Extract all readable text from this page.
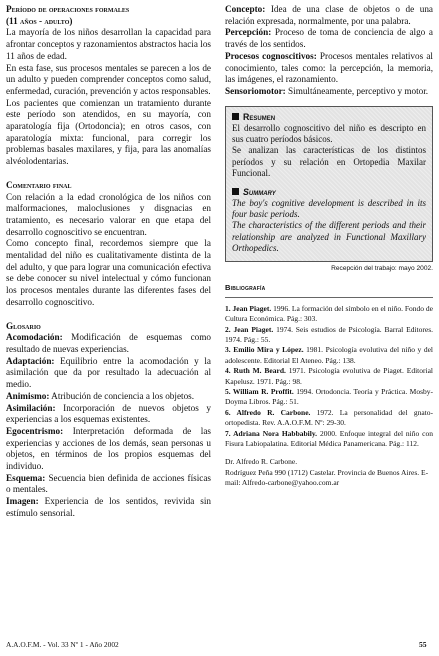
Período de operaciones formales
(11 años - adulto)

La mayoría de los niños desarrollan la capacidad para afrontar conceptos y razonamientos abstractos hacia los 11 años de edad.

En esta fase, sus procesos mentales se parecen a los de un adulto y pueden comprender conceptos como salud, enfermedad, curación, prevención y actos responsables.

Los pacientes que comienzan un tratamiento durante este período son atendidos, en su mayoría, con aparatología fija (Ortodoncia); en otros casos, con aparatología mixta: funcional, para corregir los problemas basales maxilares, y fija, para las anomalías alvéolodentarias.

Comentario final

Con relación a la edad cronológica de los niños con malformaciones, maloclusiones y disgnacias en tratamiento, es necesario valorar en que etapa del desarrollo cognoscitivo se encuentran.

Como concepto final, recordemos siempre que la mentalidad del niño es cualitativamente distinta de la del adulto, y que para lograr una comunicación efectiva se debe conocer su nivel intelectual y cómo funcionan los procesos mentales durante las diferentes fases del desarrollo cognoscitivo.

Glosario

Acomodación: Modificación de esquemas como resultado de nuevas experiencias.

Adaptación: Equilibrio entre la acomodación y la asimilación que da por resultado la adecuación al medio.

Animismo: Atribución de conciencia a los objetos.

Asimilación: Incorporación de nuevos objetos y experiencias a los esquemas existentes.

Egocentrismo: Interpretación deformada de las experiencias y acciones de los demás, sean personas u objetos, en términos de los propios esquemas del individuo.

Esquema: Secuencia bien definida de acciones físicas o mentales.

Imagen: Experiencia de los sentidos, revivida sin estímulo sensorial.

Concepto: Idea de una clase de objetos o de una relación expresada, normalmente, por una palabra.

Percepción: Proceso de toma de conciencia de algo a través de los sentidos.

Procesos cognoscitivos: Procesos mentales relativos al conocimiento, tales como: la percepción, la memoria, las imágenes, el razonamiento.

Sensoriomotor: Simultáneamente, perceptivo y motor.

Resumen

El desarrollo cognoscitivo del niño es descripto en sus cuatro períodos básicos.

Se analizan las características de los distintos períodos y su relación en Ortopedia Maxilar Funcional.

Summary

The boy's cognitive development is described in its four basic periods.

The characteristics of the different periods and their relationship are analyzed in Functional Maxillary Orthopedics.

Recepción del trabajo: mayo 2002.
Bibliografía

1. Jean Piaget. 1996. La formación del símbolo en el niño. Fondo de Cultura Económica. Pág.: 303.

2. Jean Piaget. 1974. Seis estudios de Psicología. Barral Editores. 1974. Pág.: 55.

3. Emilio Mira y López. 1981. Psicología evolutiva del niño y del adolescente. Editorial El Ateneo. Pág.: 138.

4. Ruth M. Beard. 1971. Psicología evolutiva de Piaget. Editorial Kapelusz. 1971. Pág.: 98.

5. William R. Proffit. 1994. Ortodoncia. Teoría y Práctica. Mosby-Doyma Libros. Pág.: 51.

6. Alfredo R. Carbone. 1972. La personalidad del gnato-ortopedista. Rev. A.A.O.F.M. Nº: 29-30.

7. Adriana Nora Habbabily. 2000. Enfoque integral del niño con Fisura Labiopalatina. Editorial Médica Panamericana. Pág.: 112.

Dr. Alfredo R. Carbone.
Rodríguez Peña 990 (1712) Castelar. Provincia de Buenos Aires. E-mail: Alfredo-carbone@yahoo.com.ar
A.A.O.F.M. - Vol. 33 Nº 1 - Año 2002	55
